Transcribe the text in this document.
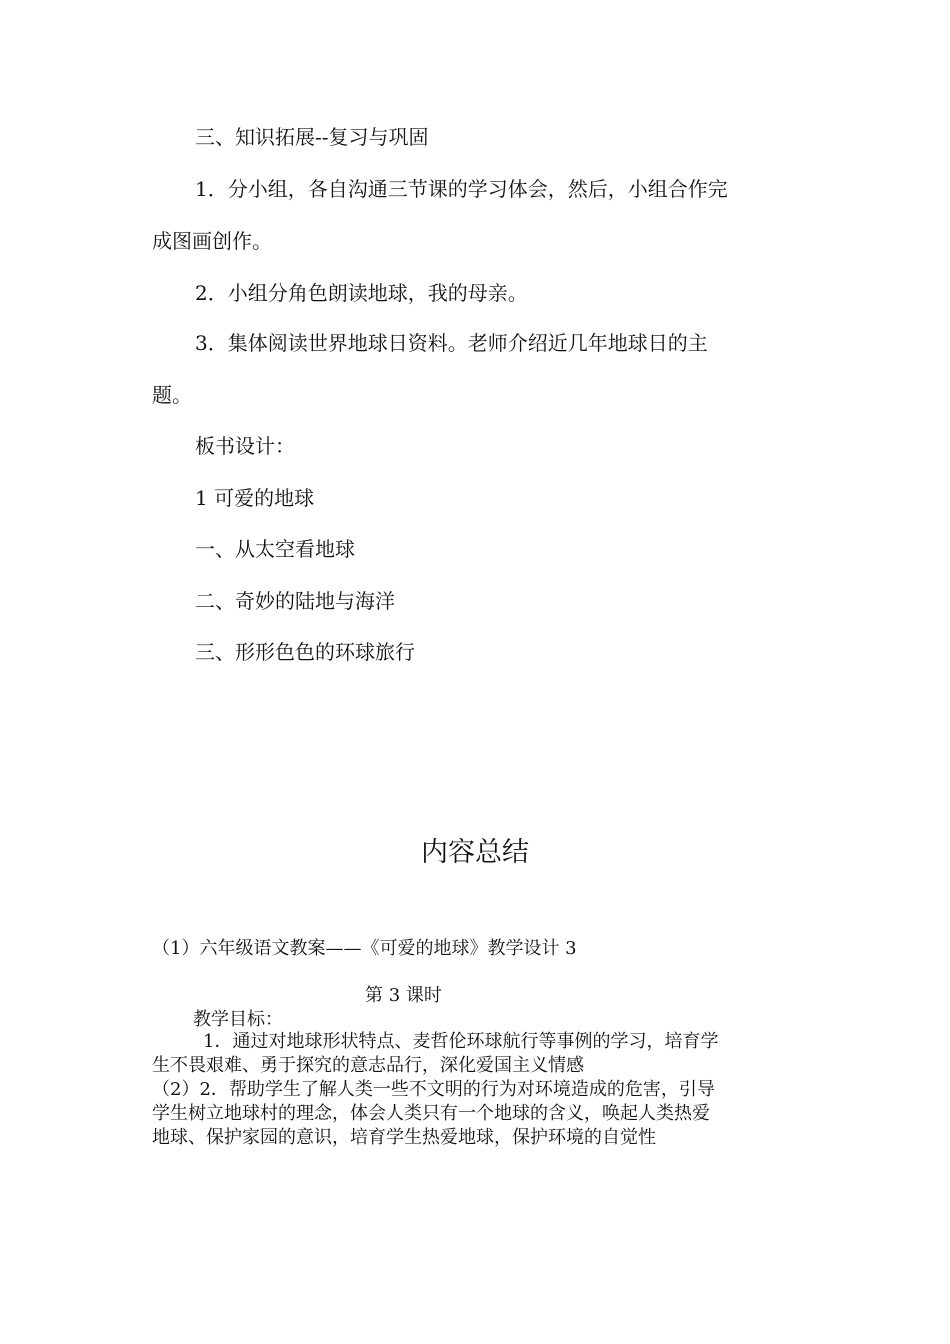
三、知识拓展--复习与巩固

1．分小组，各自沟通三节课的学习体会，然后，小组合作完

成图画创作。

2．小组分角色朗读地球，我的母亲。

3．集体阅读世界地球日资料。老师介绍近几年地球日的主

题。

板书设计：

1 可爱的地球

一、从太空看地球

二、奇妙的陆地与海洋

三、形形色色的环球旅行

内容总结

（1）六年级语文教案——《可爱的地球》教学设计 3

第 3 课时

教学目标：

1．通过对地球形状特点、麦哲伦环球航行等事例的学习，培育学

生不畏艰难、勇于探究的意志品行，深化爱国主义情感

（2）2．帮助学生了解人类一些不文明的行为对环境造成的危害，引导

学生树立地球村的理念，体会人类只有一个地球的含义，唤起人类热爱

地球、保护家园的意识，培育学生热爱地球，保护环境的自觉性
